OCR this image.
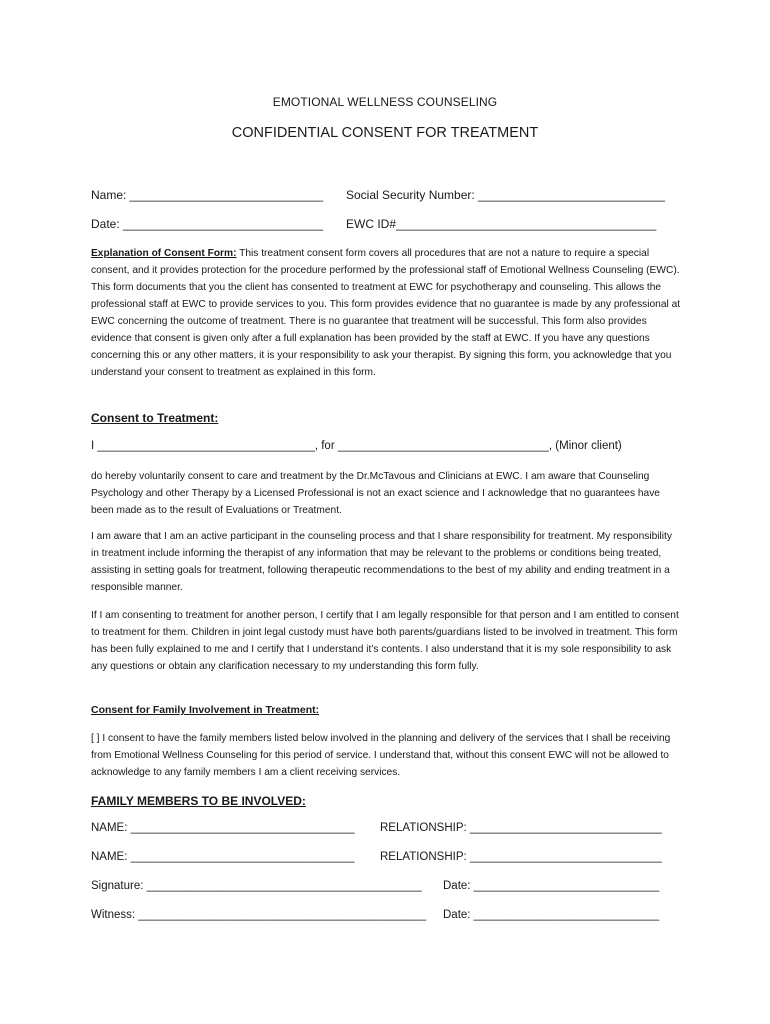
EMOTIONAL WELLNESS COUNSELING
CONFIDENTIAL CONSENT FOR TREATMENT
Name: _____________________________ Social Security Number: ____________________________
Date: ______________________________ EWC ID#_______________________________________
Explanation of Consent Form: This treatment consent form covers all procedures that are not a nature to require a special consent, and it provides protection for the procedure performed by the professional staff of Emotional Wellness Counseling (EWC). This form documents that you the client has consented to treatment at EWC for psychotherapy and counseling. This allows the professional staff at EWC to provide services to you. This form provides evidence that no guarantee is made by any professional at EWC concerning the outcome of treatment. There is no guarantee that treatment will be successful. This form also provides evidence that consent is given only after a full explanation has been provided by the staff at EWC. If you have any questions concerning this or any other matters, it is your responsibility to ask your therapist. By signing this form, you acknowledge that you understand your consent to treatment as explained in this form.
Consent to Treatment:
I __________________________________, for _________________________________, (Minor client)
do hereby voluntarily consent to care and treatment by the Dr.McTavous and Clinicians at EWC. I am aware that Counseling Psychology and other Therapy by a Licensed Professional is not an exact science and I acknowledge that no guarantees have been made as to the result of Evaluations or Treatment.
I am aware that I am an active participant in the counseling process and that I share responsibility for treatment. My responsibility in treatment include informing the therapist of any information that may be relevant to the problems or conditions being treated, assisting in setting goals for treatment, following therapeutic recommendations to the best of my ability and ending treatment in a responsible manner.
If I am consenting to treatment for another person, I certify that I am legally responsible for that person and I am entitled to consent to treatment for them. Children in joint legal custody must have both parents/guardians listed to be involved in treatment. This form has been fully explained to me and I certify that I understand it’s contents. I also understand that it is my sole responsibility to ask any questions or obtain any clarification necessary to my understanding this form fully.
Consent for Family Involvement in Treatment:
[ ] I consent to have the family members listed below involved in the planning and delivery of the services that I shall be receiving from Emotional Wellness Counseling for this period of service. I understand that, without this consent EWC will not be allowed to acknowledge to any family members I am a client receiving services.
FAMILY MEMBERS TO BE INVOLVED:
NAME: ___________________________________ RELATIONSHIP: ______________________________
NAME: ___________________________________ RELATIONSHIP: ______________________________
Signature: ___________________________________________ Date: _____________________________
Witness: _____________________________________________ Date: _____________________________
